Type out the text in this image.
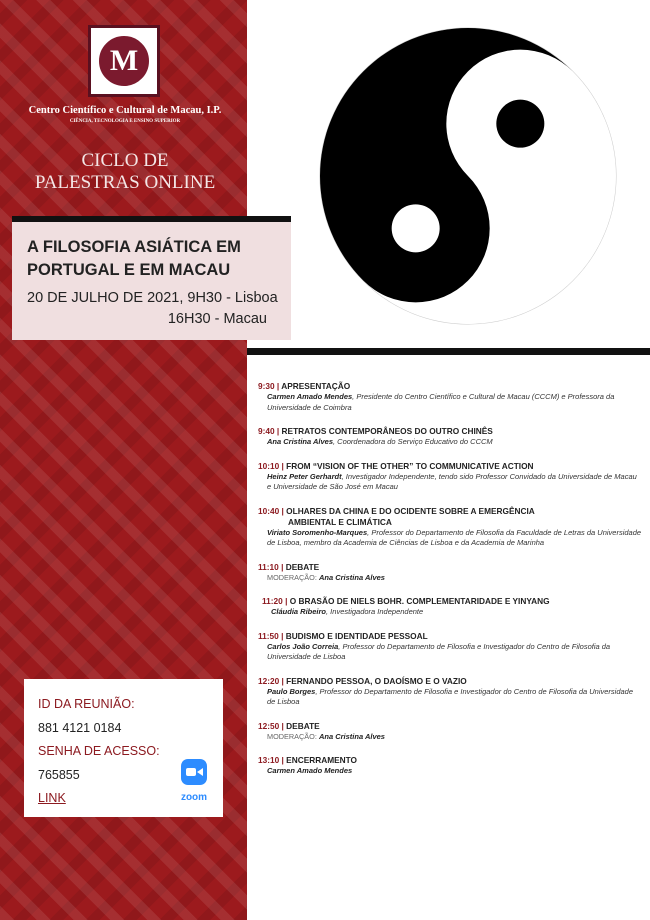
M
Centro Científico e Cultural de Macau, I.P.
CIÊNCIA, TECNOLOGIA E ENSINO SUPERIOR
CICLO DE
PALESTRAS ONLINE
A FILOSOFIA ASIÁTICA EM
PORTUGAL E EM MACAU
20 DE JULHO DE 2021, 9H30 - Lisboa
16H30 - Macau
9:30 | APRESENTAÇÃO
Carmen Amado Mendes, Presidente do Centro Científico e Cultural de Macau (CCCM) e Professora da Universidade de Coimbra
9:40 | RETRATOS CONTEMPORÂNEOS DO OUTRO CHINÊS
Ana Cristina Alves, Coordenadora do Serviço Educativo do CCCM
10:10 | FROM “VISION OF THE OTHER” TO COMMUNICATIVE ACTION
Heinz Peter Gerhardt, Investigador Independente, tendo sido Professor Convidado da Universidade de Macau e Universidade de São José em Macau
10:40 | OLHARES DA CHINA E DO OCIDENTE SOBRE A EMERGÊNCIA
AMBIENTAL E CLIMÁTICA
Viriato Soromenho-Marques, Professor do Departamento de Filosofia da Faculdade de Letras da Universidade de Lisboa, membro da Academia de Ciências de Lisboa e da Academia de Marinha
11:10 | DEBATE
MODERAÇÃO: Ana Cristina Alves
11:20 | O BRASÃO DE NIELS BOHR. COMPLEMENTARIDADE E YINYANG
Cláudia Ribeiro, Investigadora Independente
11:50 | BUDISMO E IDENTIDADE PESSOAL
Carlos João Correia, Professor do Departamento de Filosofia e Investigador do Centro de Filosofia da Universidade de Lisboa
12:20 | FERNANDO PESSOA, O DAOÍSMO E O VAZIO
Paulo Borges, Professor do Departamento de Filosofia e Investigador do Centro de Filosofia da Universidade de Lisboa
12:50 | DEBATE
MODERAÇÃO: Ana Cristina Alves
13:10 | ENCERRAMENTO
Carmen Amado Mendes
ID DA REUNIÃO:
881 4121 0184
SENHA DE ACESSO:
765855
LINK	zoom
